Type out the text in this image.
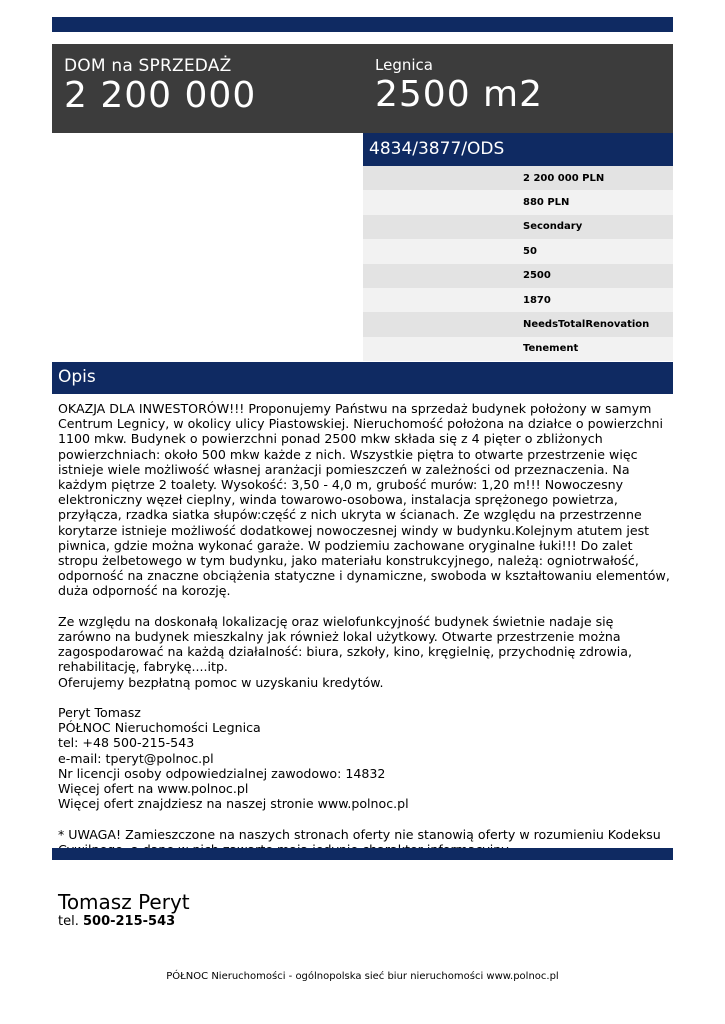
DOM na SPRZEDAŻ
2 200 000
Legnica
2500 m2
4834/3877/ODS
2 200 000 PLN
880 PLN
Secondary
50
2500
1870
NeedsTotalRenovation
Tenement
Opis
OKAZJA DLA INWESTORÓW!!! Proponujemy Państwu na sprzedaż budynek położony w samym Centrum Legnicy, w okolicy ulicy Piastowskiej. Nieruchomość położona na działce o powierzchni 1100 mkw. Budynek o powierzchni ponad 2500 mkw składa się z 4 pięter o zbliżonych powierzchniach: około 500 mkw każde z nich. Wszystkie piętra to otwarte przestrzenie więc istnieje wiele możliwość własnej aranżacji pomieszczeń w zależności od przeznaczenia. Na każdym piętrze 2 toalety. Wysokość: 3,50 - 4,0 m, grubość murów: 1,20 m!!! Nowoczesny elektroniczny węzeł cieplny, winda towarowo-osobowa, instalacja sprężonego powietrza, przyłącza, rzadka siatka słupów:część z nich ukryta w ścianach. Ze względu na przestrzenne korytarze istnieje możliwość dodatkowej nowoczesnej windy w budynku.Kolejnym atutem jest piwnica, gdzie można wykonać garaże. W podziemiu zachowane oryginalne łuki!!! Do zalet stropu żelbetowego w tym budynku, jako materiału konstrukcyjnego, należą: ogniotrwałość, odporność na znaczne obciążenia statyczne i dynamiczne, swoboda w kształtowaniu elementów, duża odporność na korozję.

Ze względu na doskonałą lokalizację oraz wielofunkcyjność budynek świetnie nadaje się zarówno na budynek mieszkalny jak również lokal użytkowy. Otwarte przestrzenie można zagospodarować na każdą działalność: biura, szkoły, kino, kręgielnię, przychodnię zdrowia, rehabilitację, fabrykę....itp.
Oferujemy bezpłatną pomoc w uzyskaniu kredytów.

Peryt Tomasz
PÓŁNOC Nieruchomości Legnica
tel: +48 500-215-543
e-mail: tperyt@polnoc.pl
Nr licencji osoby odpowiedzialnej zawodowo: 14832
Więcej ofert na www.polnoc.pl
Więcej ofert znajdziesz na naszej stronie www.polnoc.pl

* UWAGA! Zamieszczone na naszych stronach oferty nie stanowią oferty w rozumieniu Kodeksu
Tomasz Peryt
tel. 500-215-543
PÓŁNOC Nieruchomości - ogólnopolska sieć biur nieruchomości www.polnoc.pl
